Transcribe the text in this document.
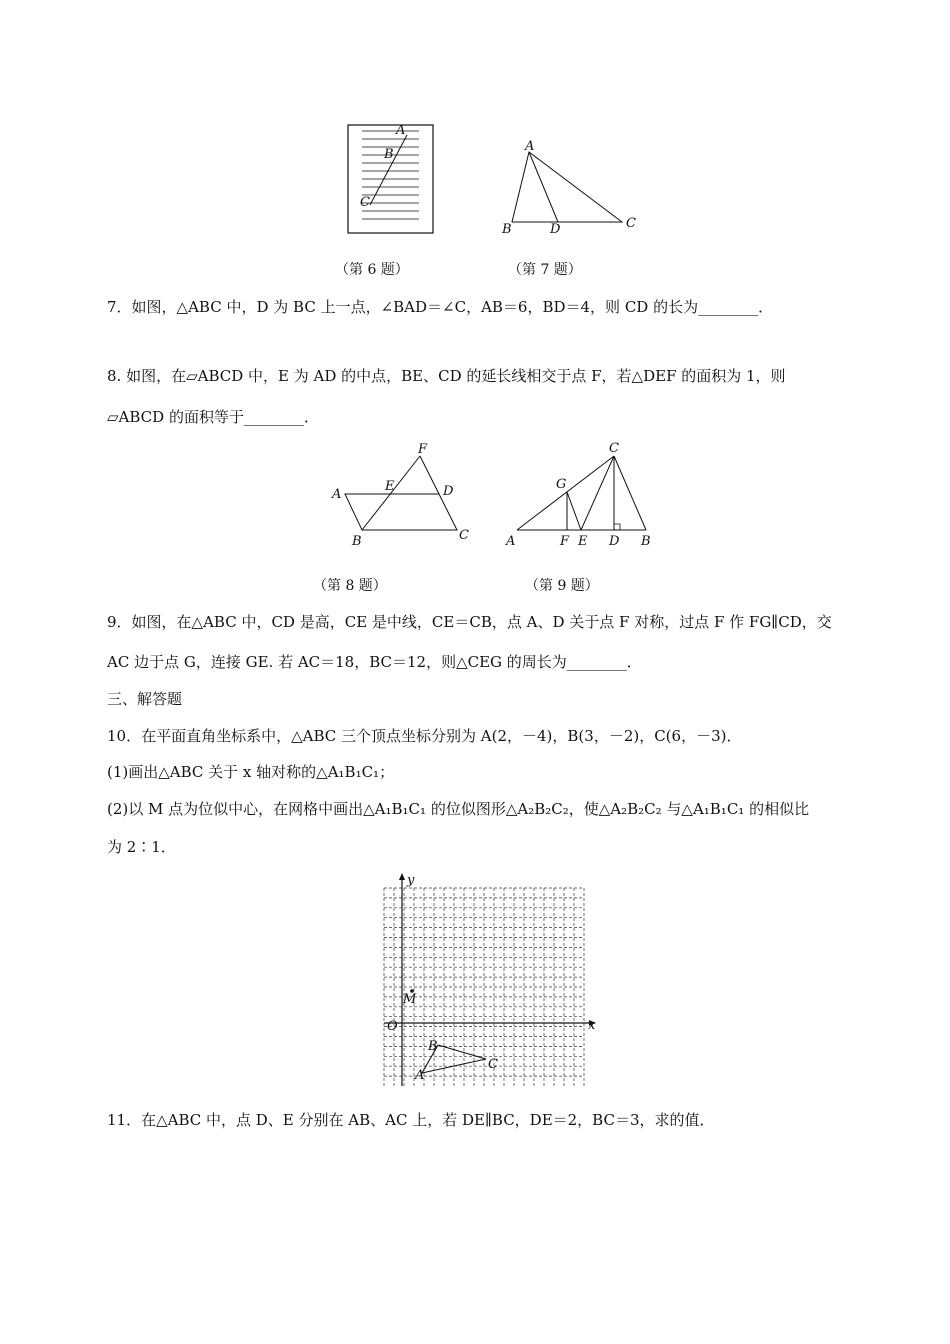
A
B
C
A
B	D	C
（第 6 题）	（第 7 题）
7．如图，△ABC 中，D 为 BC 上一点，∠BAD＝∠C，AB＝6，BD＝4，则 CD 的长为________．
8. 如图，在▱ABCD 中，E 为 AD 的中点，BE、CD 的延长线相交于点 F，若△DEF 的面积为 1，则
▱ABCD 的面积等于________．
F
A
E	D
B	C
C
G
A	F E D B
（第 8 题）	（第 9 题）
9．如图，在△ABC 中，CD 是高，CE 是中线，CE＝CB，点 A、D 关于点 F 对称，过点 F 作 FG∥CD，交
AC 边于点 G，连接 GE. 若 AC＝18，BC＝12，则△CEG 的周长为________．
三、解答题
10．在平面直角坐标系中，△ABC 三个顶点坐标分别为 A(2，－4)，B(3，－2)，C(6，－3)．
(1)画出△ABC 关于 x 轴对称的△A₁B₁C₁；
(2)以 M 点为位似中心，在网格中画出△A₁B₁C₁ 的位似图形△A₂B₂C₂，使△A₂B₂C₂ 与△A₁B₁C₁ 的相似比
为 2∶1．
y
x
O
M
B
C
A
11．在△ABC 中，点 D、E 分别在 AB、AC 上，若 DE∥BC，DE＝2，BC＝3，求的值．
